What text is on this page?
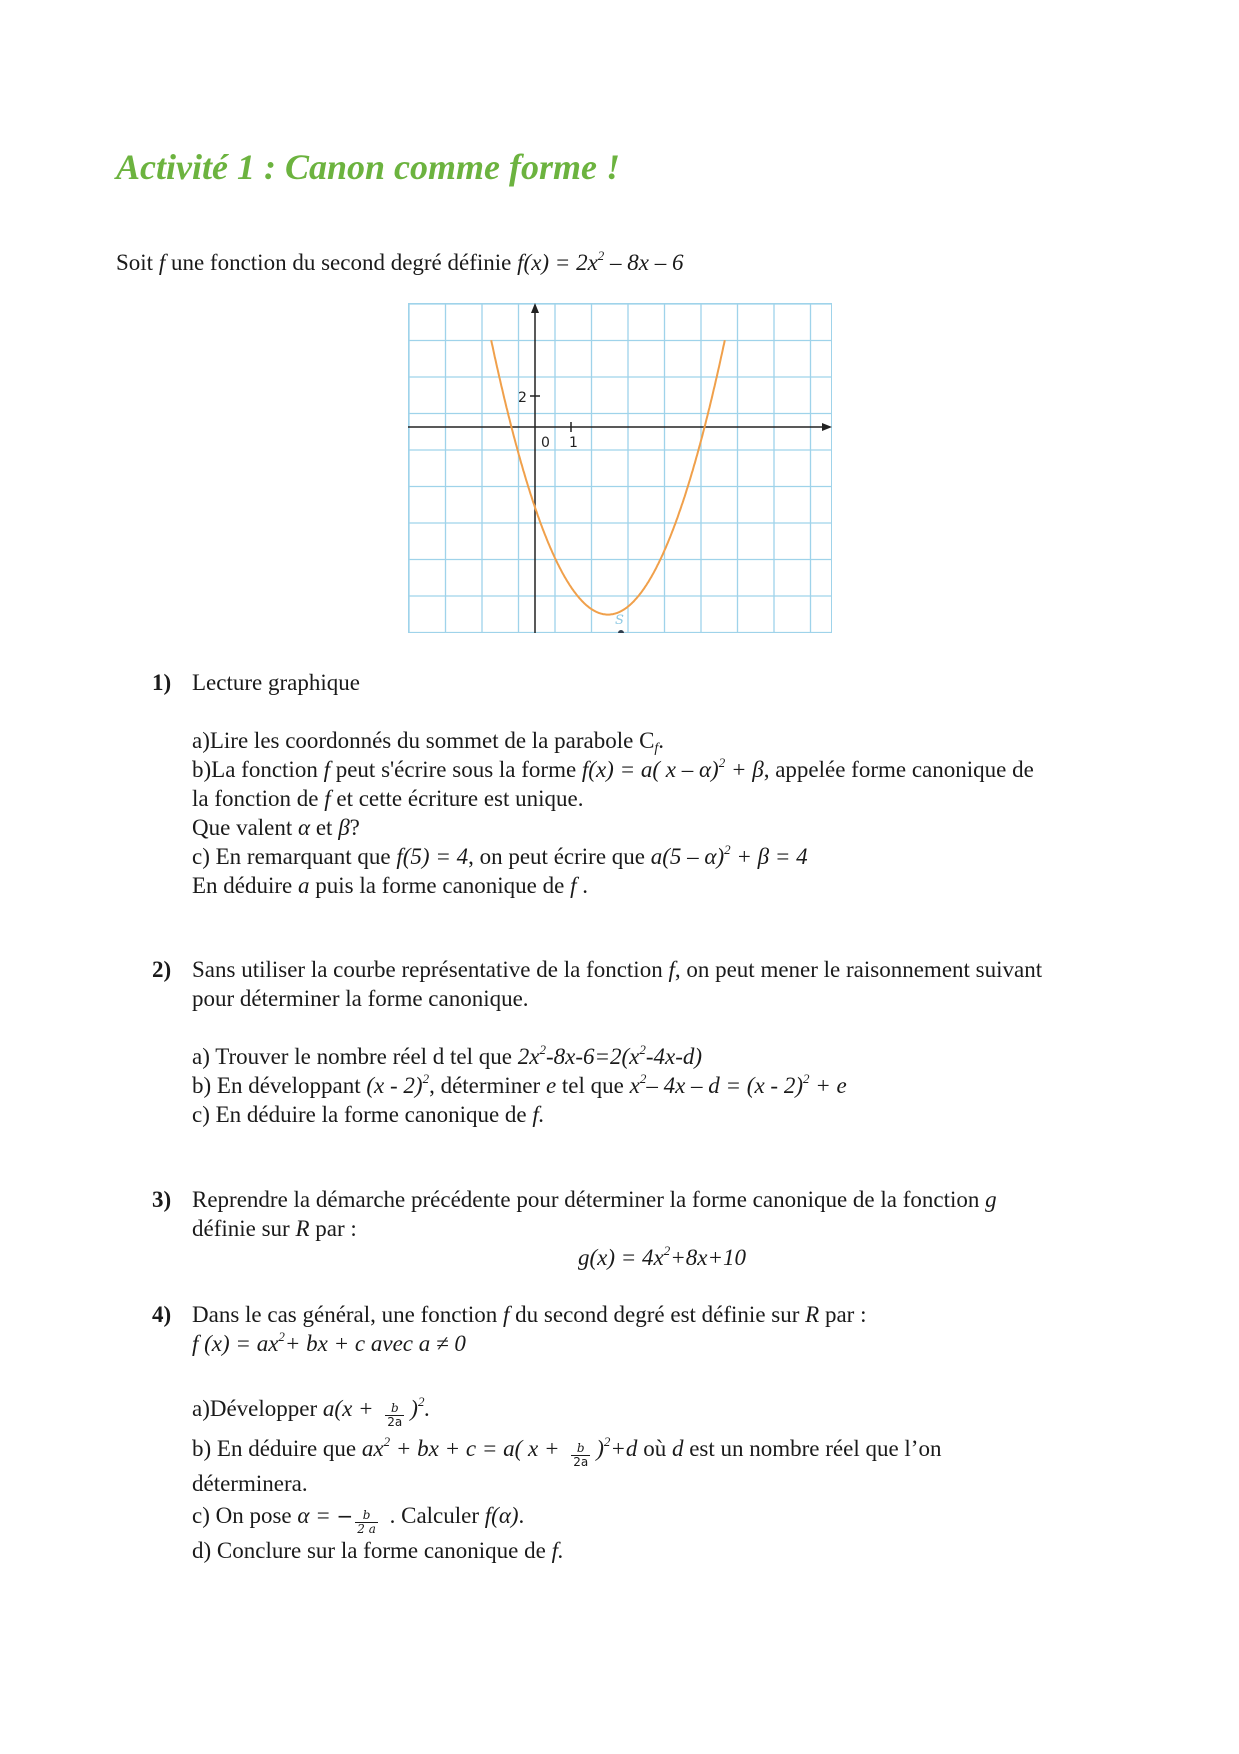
Activité 1 : Canon comme forme !
Soit f une fonction du second degré définie $f(x) = 2x^2 - 8x - 6$
2
0 1
S
1) Lecture graphique

a)Lire les coordonnés du sommet de la parabole $C_f$.

b)La fonction f peut s'écrire sous la forme f(x) = a( x – α)$^2$ + β, appelée forme canonique de

la fonction de f et cette écriture est unique.

Que valent α et β?

c) En remarquant que f(5) = 4, on peut écrire que a(5 – α)$^2$ + β = 4

En déduire a puis la forme canonique de f .

2) Sans utiliser la courbe représentative de la fonction f, on peut mener le raisonnement suivant

pour déterminer la forme canonique.

a) Trouver le nombre réel d tel que $2x^2-8x-6=2(x^2-4x-d)$

b) En développant (x - 2)$^2$, déterminer e tel que $x^2-$ 4x – d = (x - 2)$^2$ + e

c) En déduire la forme canonique de f.

3) Reprendre la démarche précédente pour déterminer la forme canonique de la fonction g

définie sur R par :

$g(x) = 4x^2+8x+10$

4) Dans le cas général, une fonction f du second degré est définie sur R par :

f $(x) = ax^2+$ bx + c avec a ≠ 0

a)Développer $a(x + \frac{b}{2a} )^2$.

b) En déduire que $ax^2$ + bx + c = a( $x + \frac{b}{2a} )^2+d$ où d est un nombre réel que l’on

déterminera.

c) On pose α = − $\frac{b}{2 a}$ . Calculer f(α).

d) Conclure sur la forme canonique de f.
